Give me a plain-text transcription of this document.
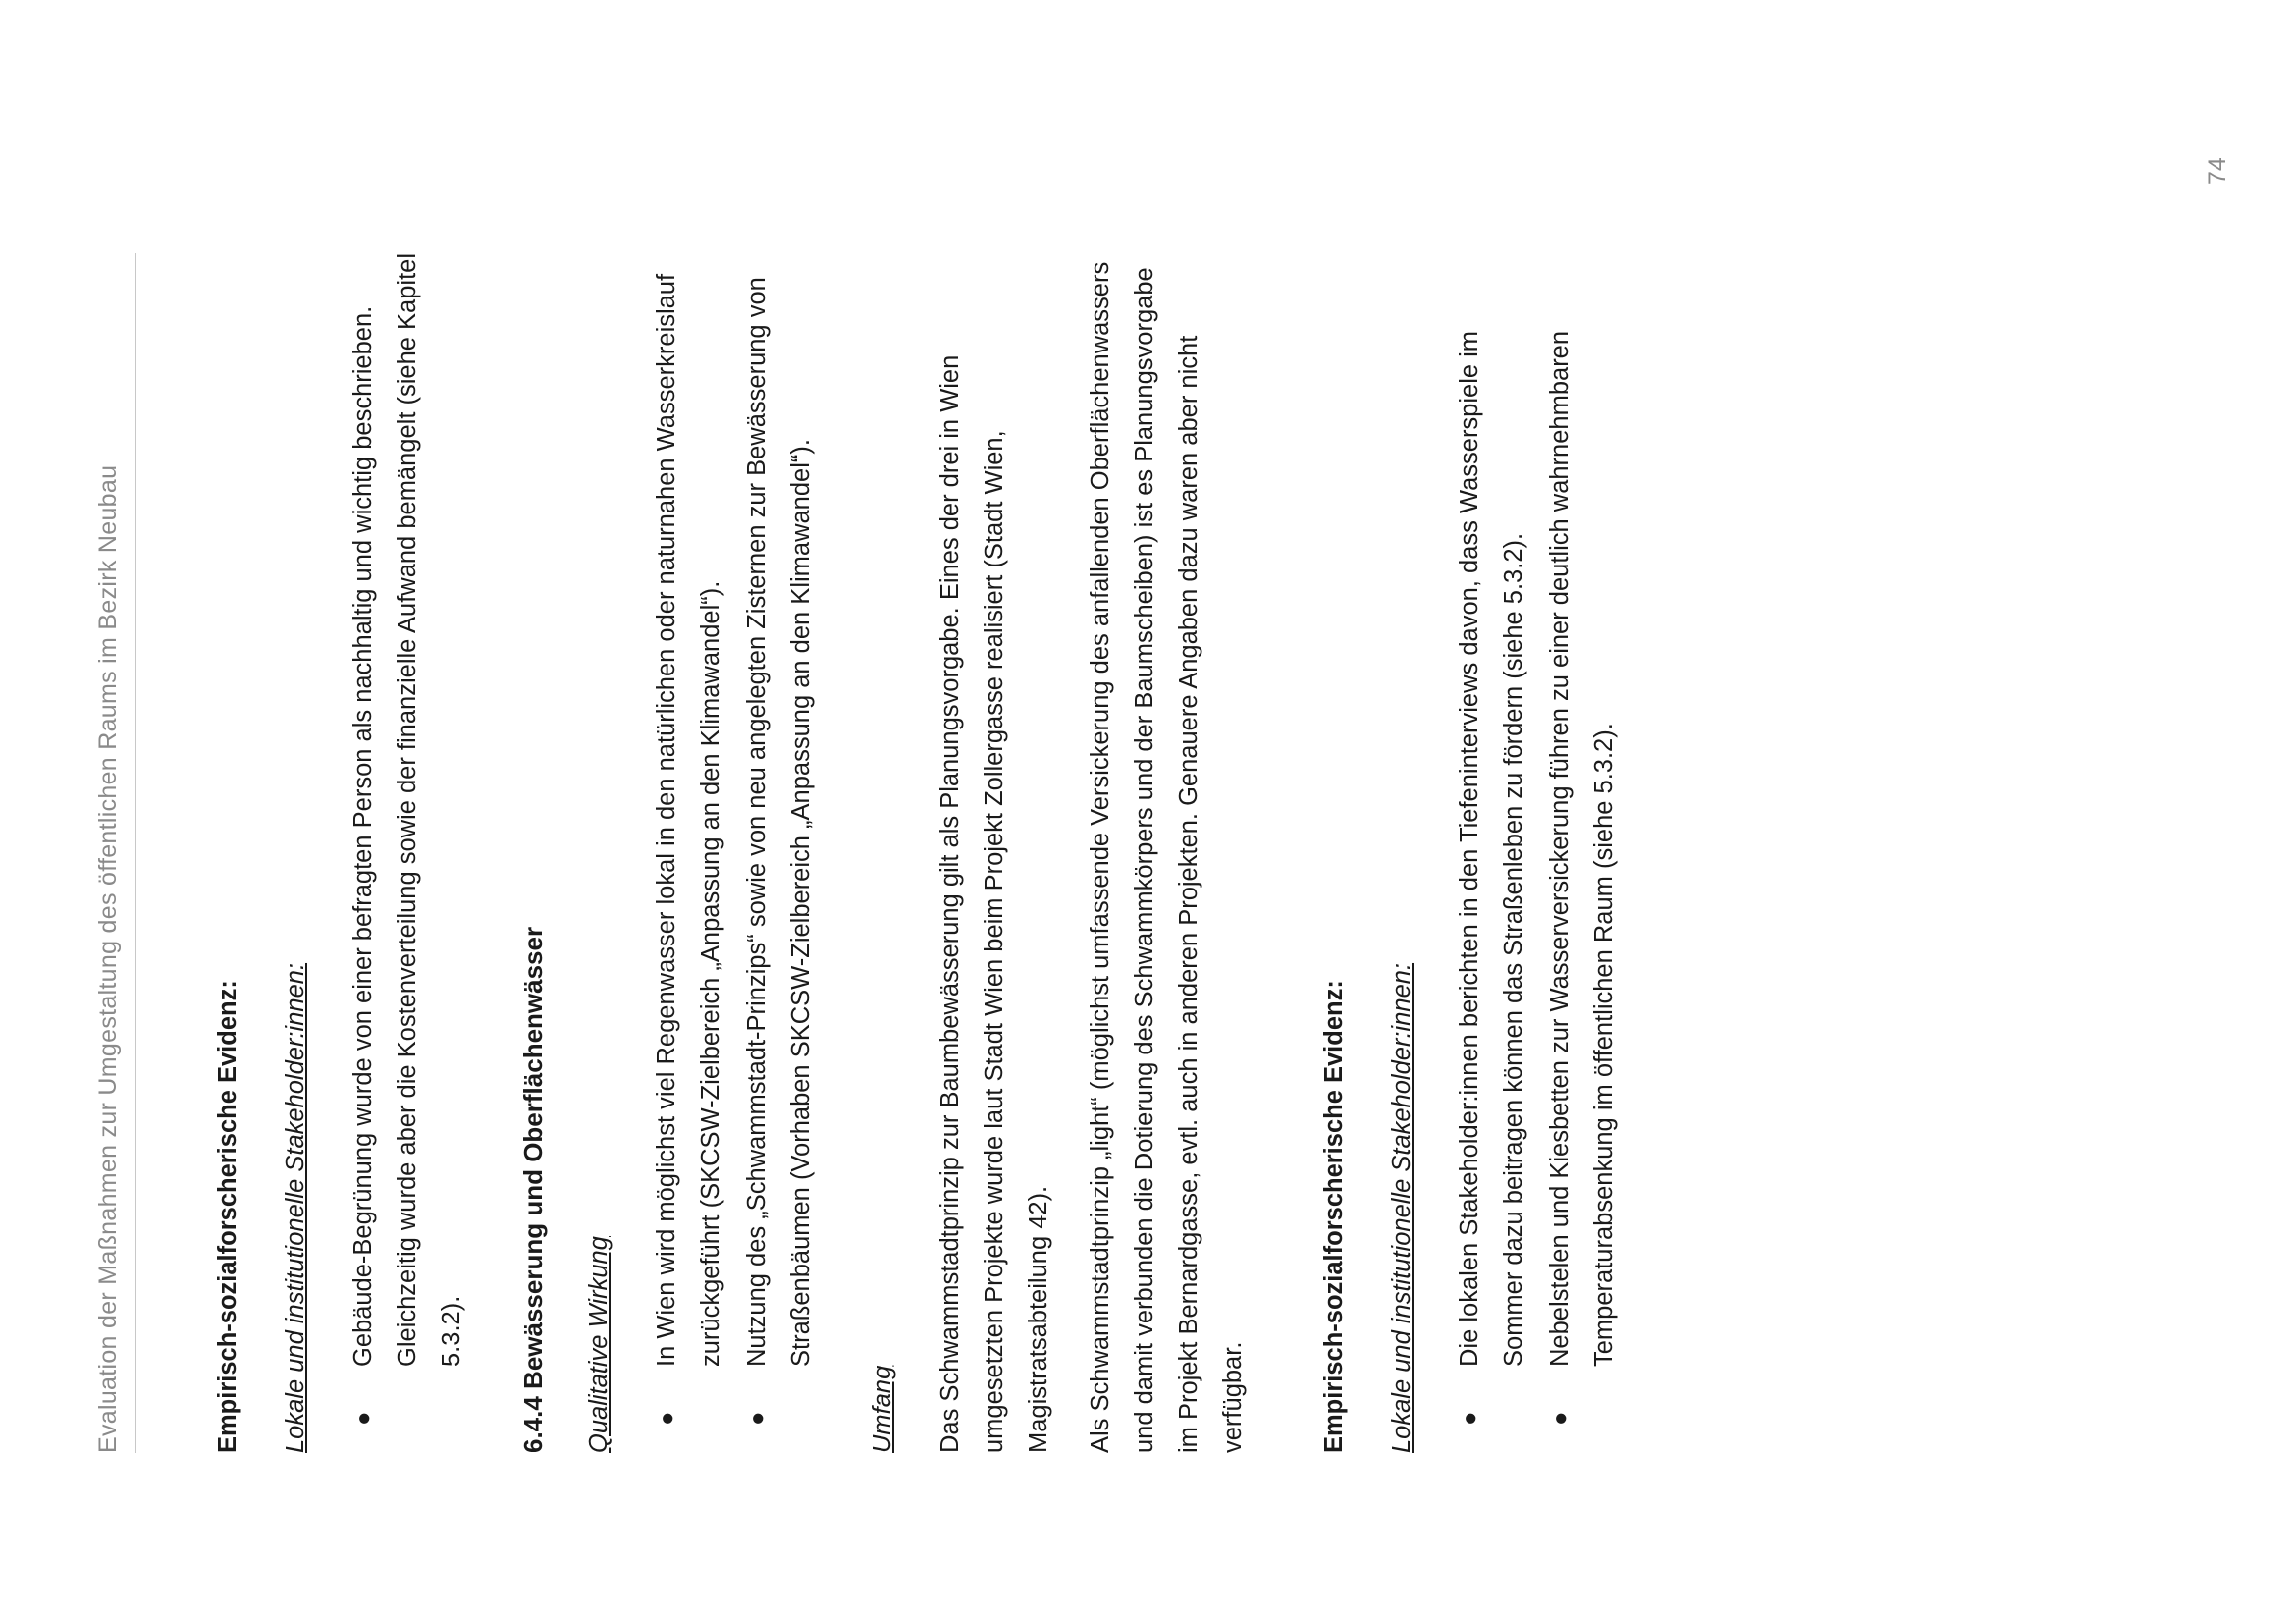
Evaluation der Maßnahmen zur Umgestaltung des öffentlichen Raums im Bezirk Neubau	Empirisch-sozialforscherische Evidenz:	Lokale und institutionelle Stakeholder:innen:	●
Gebäude-Begrünung wurde von einer befragten Person als nachhaltig und wichtig beschrieben. Gleichzeitig wurde aber die Kostenverteilung sowie der finanzielle Aufwand bemängelt (siehe Kapitel 5.3.2).	6.4.4 Bewässerung und Oberflächenwässer	Qualitative Wirkung	●
In Wien wird möglichst viel Regenwasser lokal in den natürlichen oder naturnahen Wasserkreislauf zurückgeführt (SKCSW-Zielbereich „Anpassung an den Klimawandel“).
●
Nutzung des „Schwammstadt-Prinzips“ sowie von neu angelegten Zisternen zur Bewässerung von Straßenbäumen (Vorhaben SKCSW-Zielbereich „Anpassung an den Klimawandel“).

Umfang	Das Schwammstadtprinzip zur Baumbewässerung gilt als Planungsvorgabe. Eines der drei in Wien umgesetzten Projekte wurde laut Stadt Wien beim Projekt Zollergasse realisiert (Stadt Wien, Magistratsabteilung 42).	Als Schwammstadtprinzip „light“ (möglichst umfassende Versickerung des anfallenden Oberflächenwassers und damit verbunden die Dotierung des Schwammkörpers und der Baumscheiben) ist es Planungsvorgabe im Projekt Bernardgasse, evtl. auch in anderen Projekten. Genauere Angaben dazu waren aber nicht verfügbar.	Empirisch-sozialforscherische Evidenz:	Lokale und institutionelle Stakeholder:innen:	●
Die lokalen Stakeholder:innen berichten in den Tiefeninterviews davon, dass Wasserspiele im Sommer dazu beitragen können das Straßenleben zu fördern (siehe 5.3.2).
●
Nebelstelen und Kiesbetten zur Wasserversickerung führen zu einer deutlich wahrnehmbaren Temperaturabsenkung im öffentlichen Raum (siehe 5.3.2).
74
